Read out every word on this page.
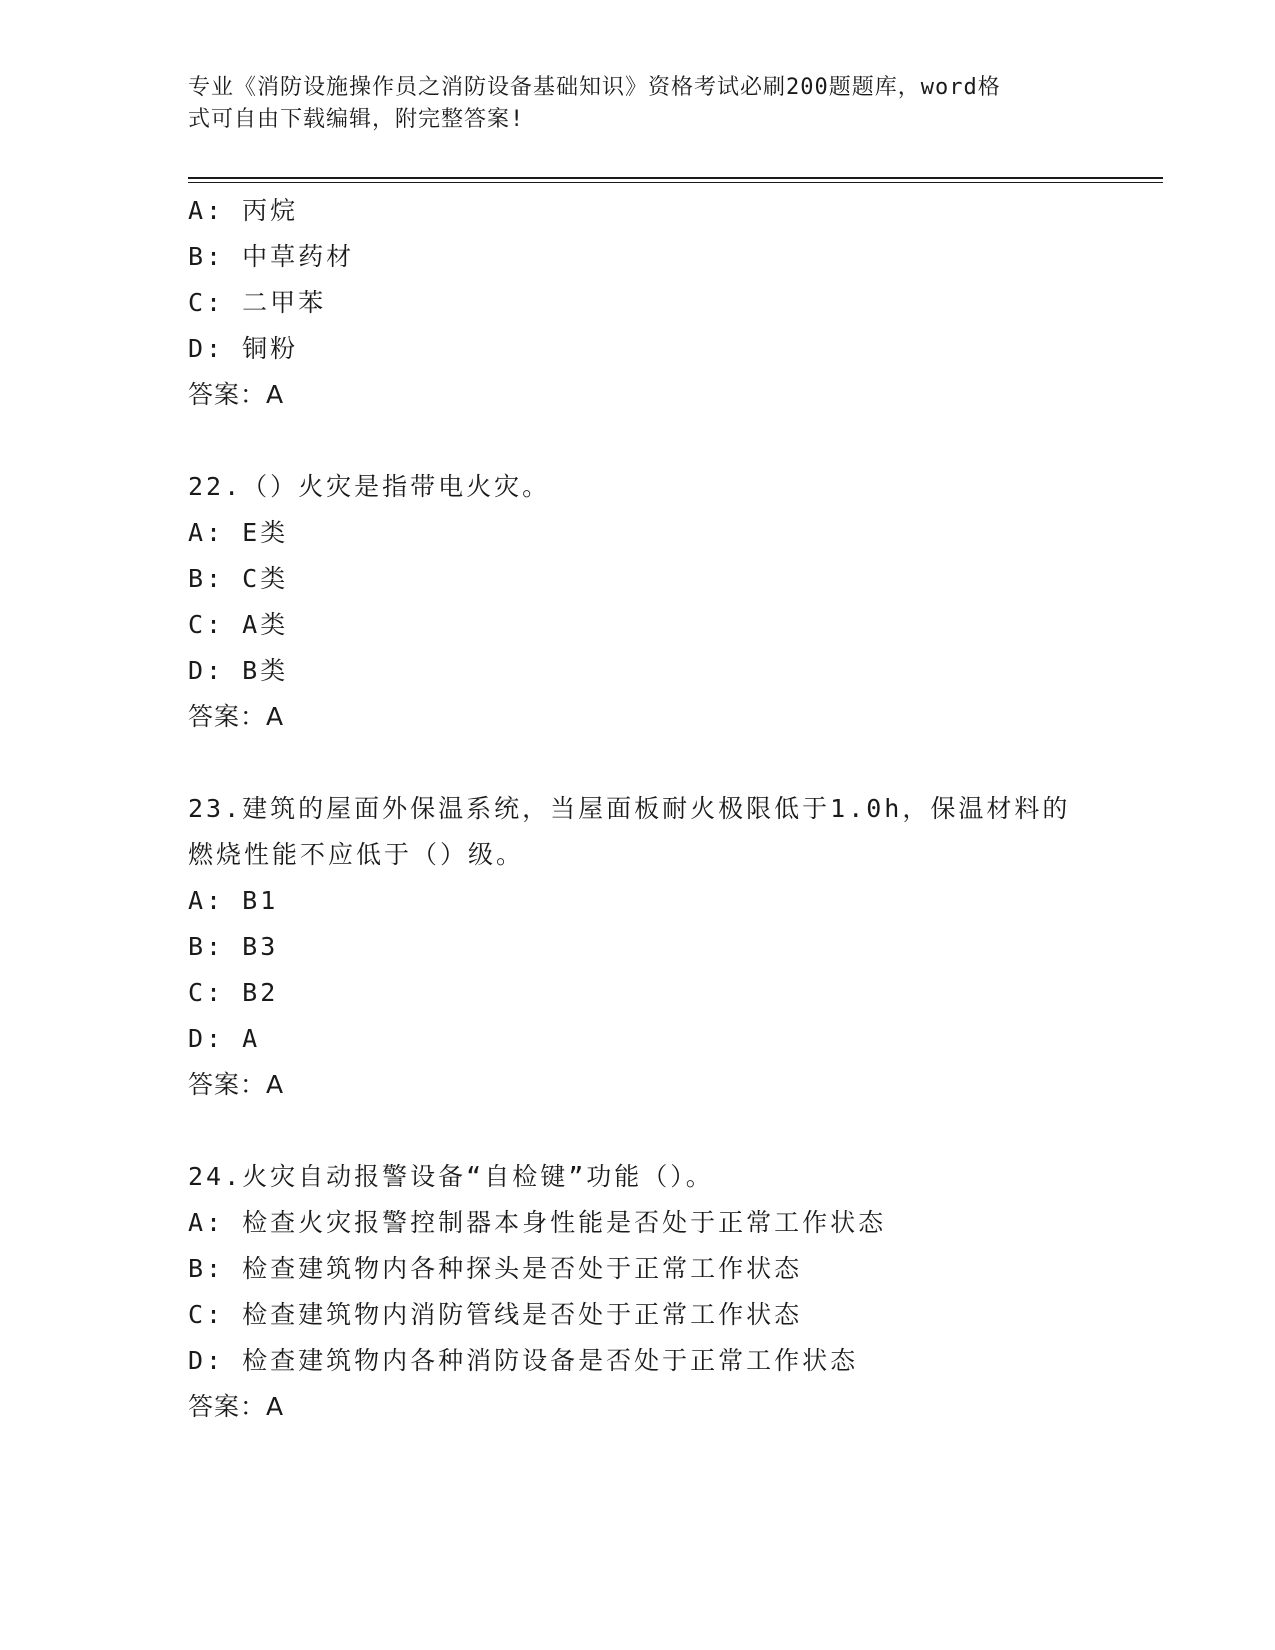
专业《消防设施操作员之消防设备基础知识》资格考试必刷200题题库，word格
式可自由下载编辑，附完整答案!
A: 丙烷
B: 中草药材
C: 二甲苯
D: 铜粉
答案：A
22.（）火灾是指带电火灾。
A: E类
B: C类
C: A类
D: B类
答案：A
23.建筑的屋面外保温系统，当屋面板耐火极限低于1.0h，保温材料的
燃烧性能不应低于（）级。
A: B1
B: B3
C: B2
D: A
答案：A
24.火灾自动报警设备“自检键”功能（）。
A: 检查火灾报警控制器本身性能是否处于正常工作状态
B: 检查建筑物内各种探头是否处于正常工作状态
C: 检查建筑物内消防管线是否处于正常工作状态
D: 检查建筑物内各种消防设备是否处于正常工作状态
答案：A
